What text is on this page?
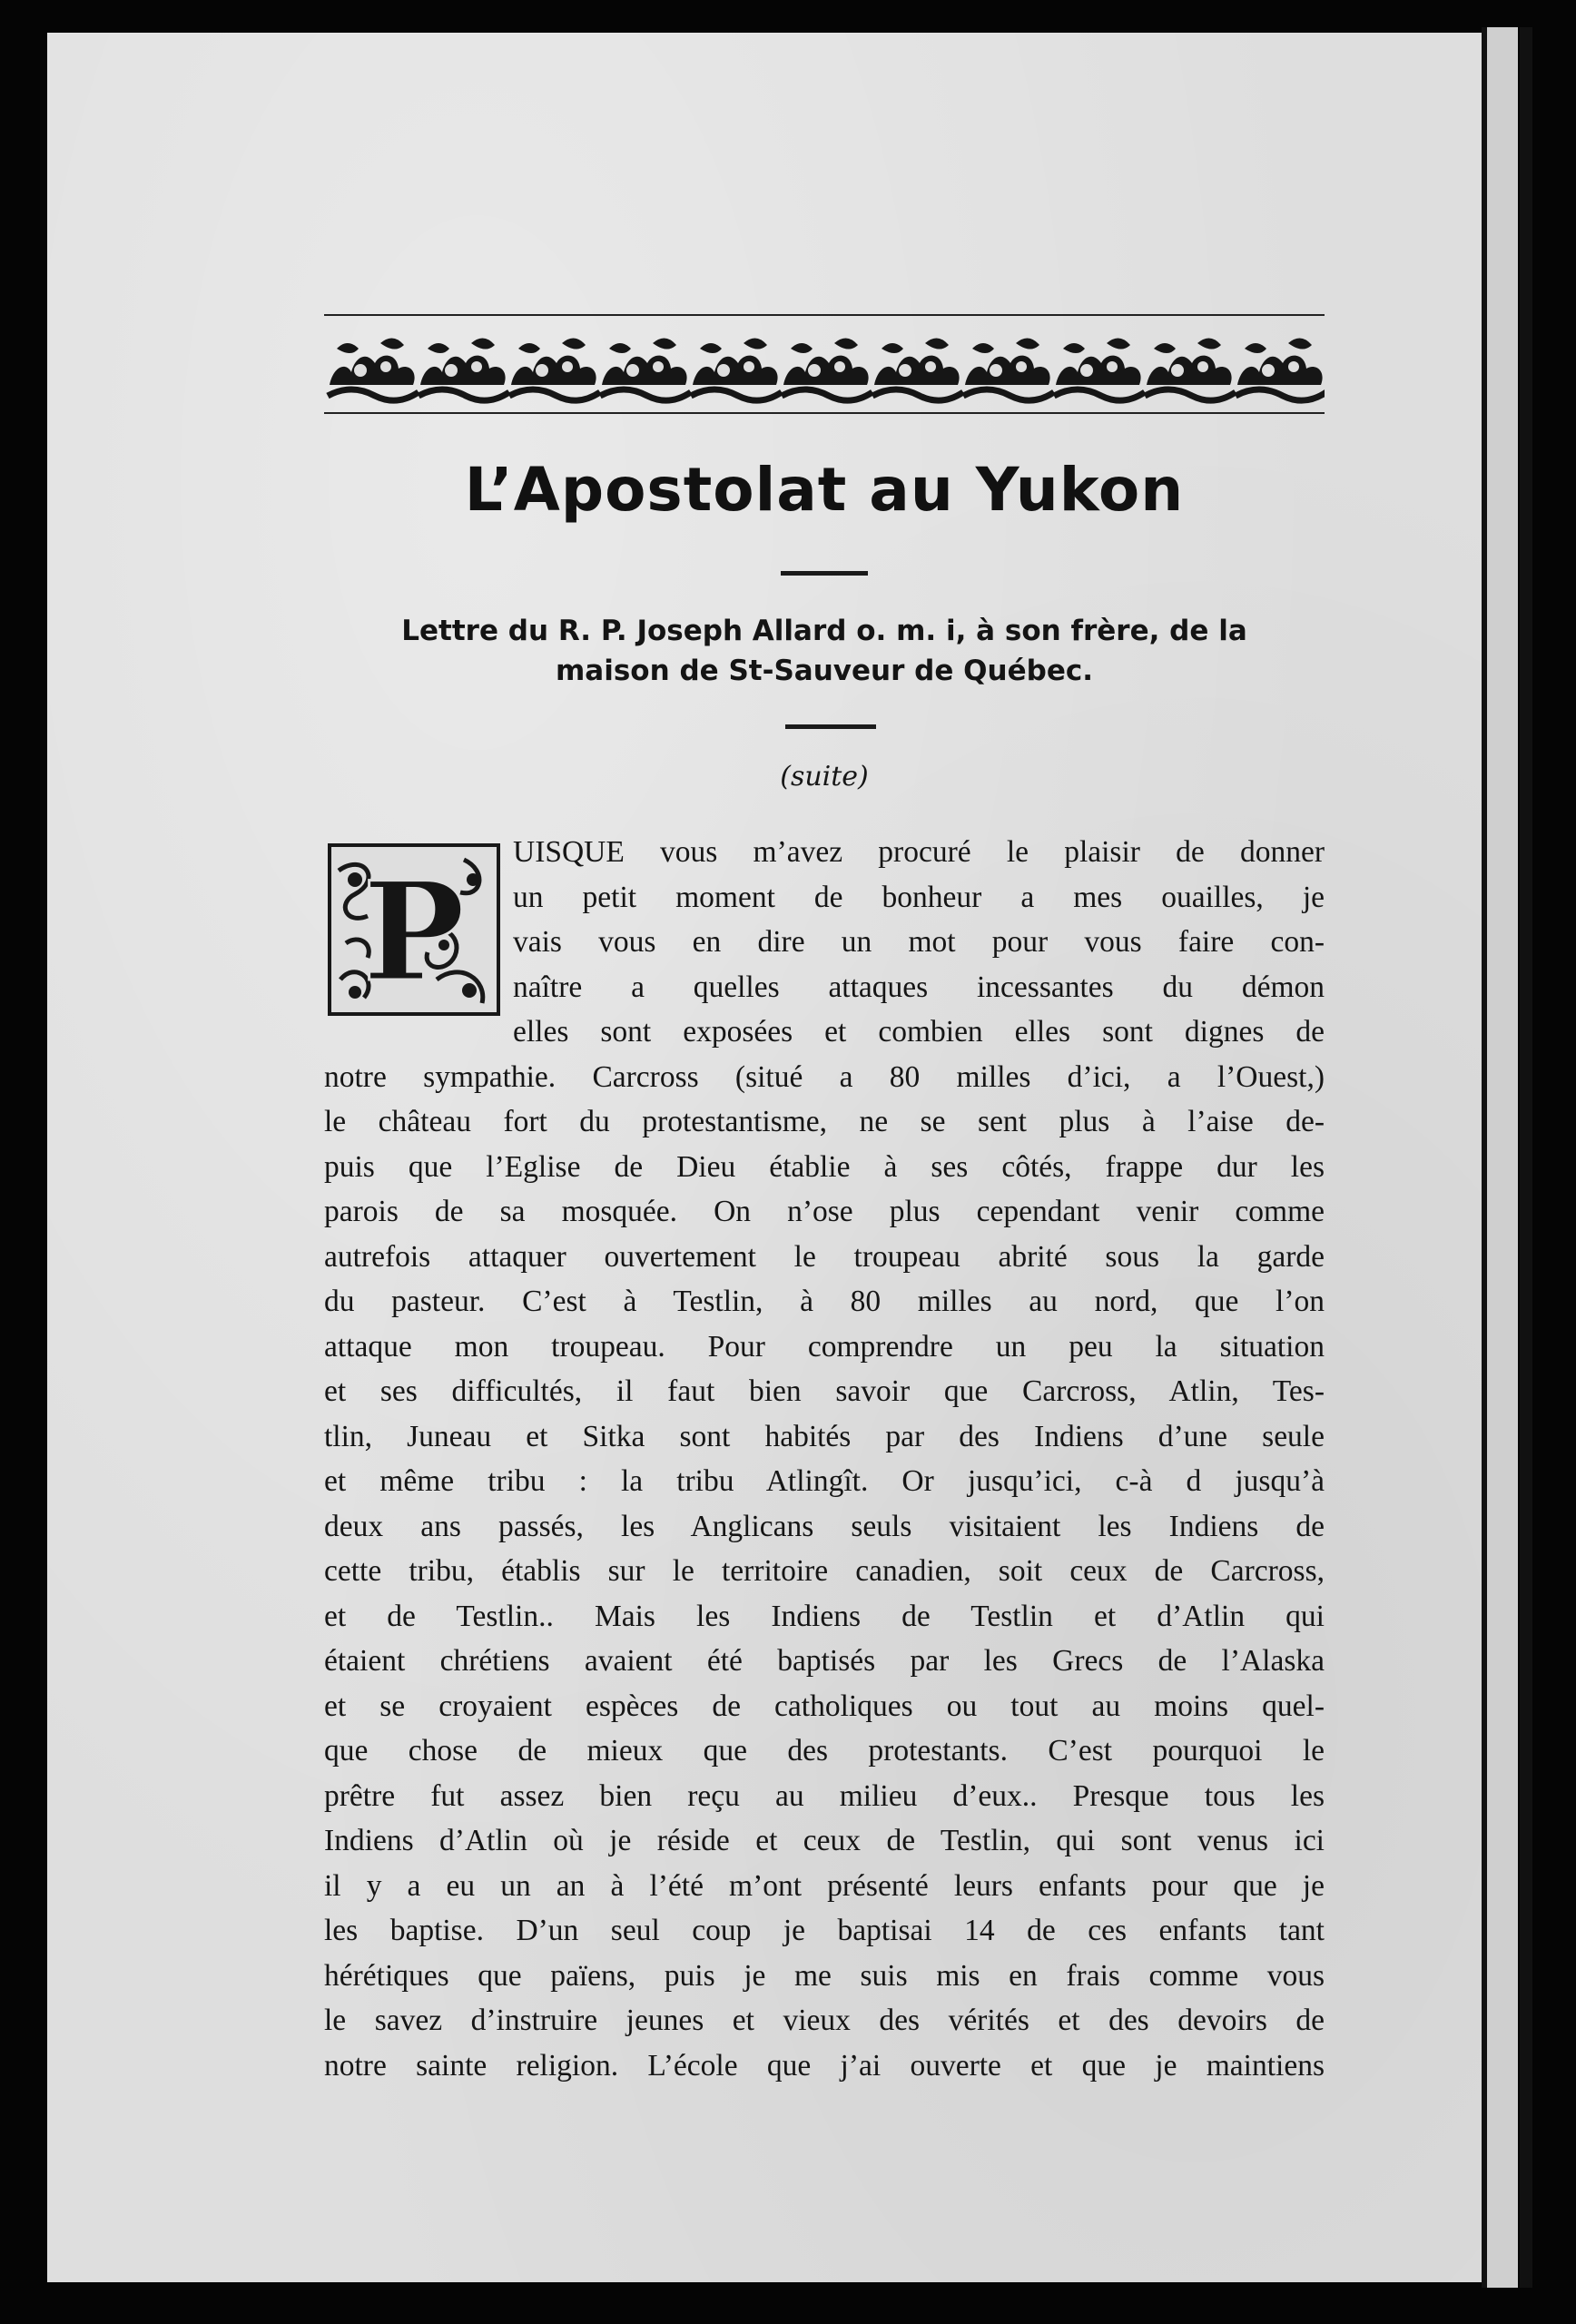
L’Apostolat au Yukon
Lettre du R. P. Joseph Allard o. m. i, à son frère, de la
maison de St-Sauveur de Québec.
(suite)
P
UISQUE vous m’avez procuré le plaisir de donner
un petit moment de bonheur a mes ouailles, je
vais vous en dire un mot pour vous faire con-
naître a quelles attaques incessantes du démon
elles sont exposées et combien elles sont dignes de
notre sympathie. Carcross (situé a 80 milles d’ici, a l’Ouest,)
le château fort du protestantisme, ne se sent plus à l’aise de-
puis que l’Eglise de Dieu établie à ses côtés, frappe dur les
parois de sa mosquée. On n’ose plus cependant venir comme
autrefois attaquer ouvertement le troupeau abrité sous la garde
du pasteur. C’est à Testlin, à 80 milles au nord, que l’on
attaque mon troupeau. Pour comprendre un peu la situation
et ses difficultés, il faut bien savoir que Carcross, Atlin, Tes-
tlin, Juneau et Sitka sont habités par des Indiens d’une seule
et même tribu : la tribu Atlingît. Or jusqu’ici, c-à d jusqu’à
deux ans passés, les Anglicans seuls visitaient les Indiens de
cette tribu, établis sur le territoire canadien, soit ceux de Carcross,
et de Testlin.. Mais les Indiens de Testlin et d’Atlin qui
étaient chrétiens avaient été baptisés par les Grecs de l’Alaska
et se croyaient espèces de catholiques ou tout au moins quel-
que chose de mieux que des protestants. C’est pourquoi le
prêtre fut assez bien reçu au milieu d’eux.. Presque tous les
Indiens d’Atlin où je réside et ceux de Testlin, qui sont venus ici
il y a eu un an à l’été m’ont présenté leurs enfants pour que je
les baptise. D’un seul coup je baptisai 14 de ces enfants tant
hérétiques que païens, puis je me suis mis en frais comme vous
le savez d’instruire jeunes et vieux des vérités et des devoirs de
notre sainte religion. L’école que j’ai ouverte et que je maintiens
